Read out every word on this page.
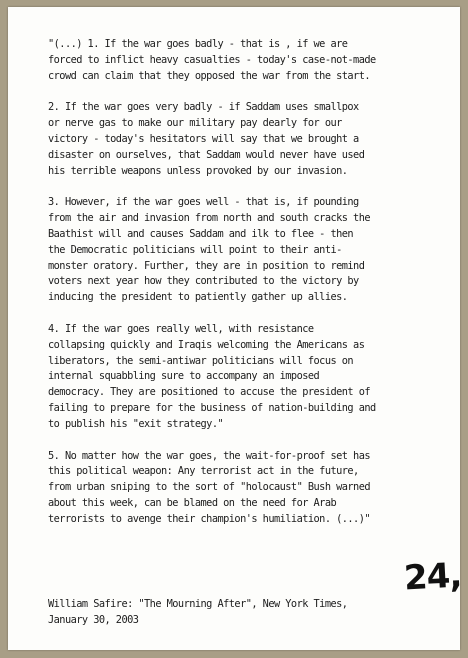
"(...) 1. If the war goes badly - that is , if we are
forced to inflict heavy casualties - today's case-not-made
crowd can claim that they opposed the war from the start.

2. If the war goes very badly - if Saddam uses smallpox
or nerve gas to make our military pay dearly for our
victory - today's hesitators will say that we brought a
disaster on ourselves, that Saddam would never have used
his terrible weapons unless provoked by our invasion.

3. However, if the war goes well - that is, if pounding
from the air and invasion from north and south cracks the
Baathist will and causes Saddam and ilk to flee - then
the Democratic politicians will point to their anti-
monster oratory. Further, they are in position to remind
voters next year how they contributed to the victory by
inducing the president to patiently gather up allies.

4. If the war goes really well, with resistance
collapsing quickly and Iraqis welcoming the Americans as
liberators, the semi-antiwar politicians will focus on
internal squabbling sure to accompany an imposed
democracy. They are positioned to accuse the president of
failing to prepare for the business of nation-building and
to publish his "exit strategy."

5. No matter how the war goes, the wait-for-proof set has
this political weapon: Any terrorist act in the future,
from urban sniping to the sort of "holocaust" Bush warned
about this week, can be blamed on the need for Arab
terrorists to avenge their champion's humiliation. (...)"

24,
William Safire: "The Mourning After", New York Times,
January 30, 2003
